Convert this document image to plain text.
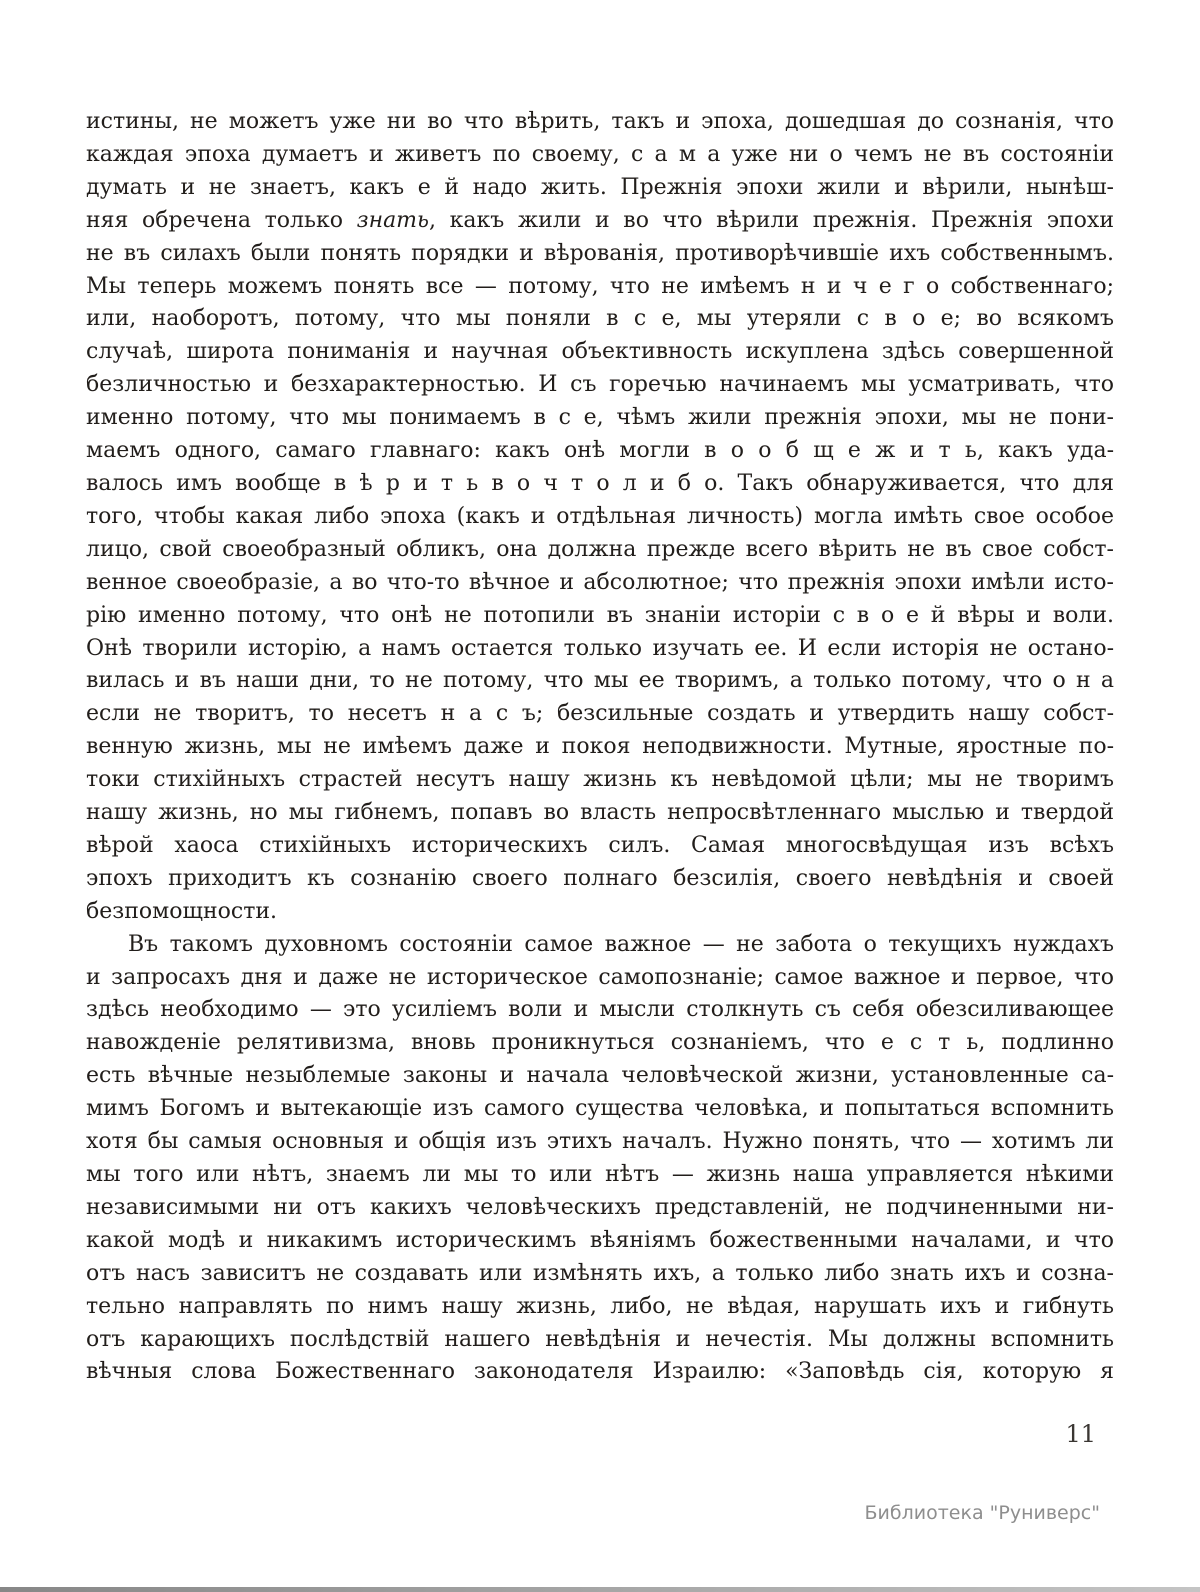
истины, не можетъ уже ни во что вѣрить, такъ и эпоха, дошедшая до сознанія, что
каждая эпоха думаетъ и живетъ по своему, с а м а уже ни о чемъ не въ состояніи
думать и не знаетъ, какъ е й надо жить. Прежнія эпохи жили и вѣрили, нынѣш-
няя обречена только знать, какъ жили и во что вѣрили прежнія. Прежнія эпохи
не въ силахъ были понять порядки и вѣрованія, противорѣчившіе ихъ собственнымъ.
Мы теперь можемъ понять все — потому, что не имѣемъ н и ч е г о собственнаго;
или, наоборотъ, потому, что мы поняли в с е, мы утеряли с в о е; во всякомъ
случаѣ, широта пониманія и научная объективность искуплена здѣсь совершенной
безличностью и безхарактерностью. И съ горечью начинаемъ мы усматривать, что
именно потому, что мы понимаемъ в с е, чѣмъ жили прежнія эпохи, мы не пони-
маемъ одного, самаго главнаго: какъ онѣ могли в о о б щ е ж и т ь, какъ уда-
валось имъ вообще в ѣ р и т ь в о ч т о л и б о. Такъ обнаруживается, что для
того, чтобы какая либо эпоха (какъ и отдѣльная личность) могла имѣть свое особое
лицо, свой своеобразный обликъ, она должна прежде всего вѣрить не въ свое собст-
венное своеобразіе, а во что-то вѣчное и абсолютное; что прежнія эпохи имѣли исто-
рію именно потому, что онѣ не потопили въ знаніи исторіи с в о е й вѣры и воли.
Онѣ творили исторію, а намъ остается только изучать ее. И если исторія не остано-
вилась и въ наши дни, то не потому, что мы ее творимъ, а только потому, что о н а
если не творитъ, то несетъ н а с ъ; безсильные создать и утвердить нашу собст-
венную жизнь, мы не имѣемъ даже и покоя неподвижности. Мутные, яростные по-
токи стихійныхъ страстей несутъ нашу жизнь къ невѣдомой цѣли; мы не творимъ
нашу жизнь, но мы гибнемъ, попавъ во власть непросвѣтленнаго мыслью и твердой
вѣрой хаоса стихійныхъ историческихъ силъ. Самая многосвѣдущая изъ всѣхъ
эпохъ приходитъ къ сознанію своего полнаго безсилія, своего невѣдѣнія и своей
безпомощности.
Въ такомъ духовномъ состояніи самое важное — не забота о текущихъ нуждахъ
и запросахъ дня и даже не историческое самопознаніе; самое важное и первое, что
здѣсь необходимо — это усиліемъ воли и мысли столкнуть съ себя обезсиливающее
навожденіе релятивизма, вновь проникнуться сознаніемъ, что е с т ь, подлинно
есть вѣчные незыблемые законы и начала человѣческой жизни, установленные са-
мимъ Богомъ и вытекающіе изъ самого существа человѣка, и попытаться вспомнить
хотя бы самыя основныя и общія изъ этихъ началъ. Нужно понять, что — хотимъ ли
мы того или нѣтъ, знаемъ ли мы то или нѣтъ — жизнь наша управляется нѣкими
независимыми ни отъ какихъ человѣческихъ представленій, не подчиненными ни-
какой модѣ и никакимъ историческимъ вѣяніямъ божественными началами, и что
отъ насъ зависитъ не создавать или измѣнять ихъ, а только либо знать ихъ и созна-
тельно направлять по нимъ нашу жизнь, либо, не вѣдая, нарушать ихъ и гибнуть
отъ карающихъ послѣдствій нашего невѣдѣнія и нечестія. Мы должны вспомнить
вѣчныя слова Божественнаго законодателя Израилю: «Заповѣдь сія, которую я
11
Библиотека "Руниверс"
